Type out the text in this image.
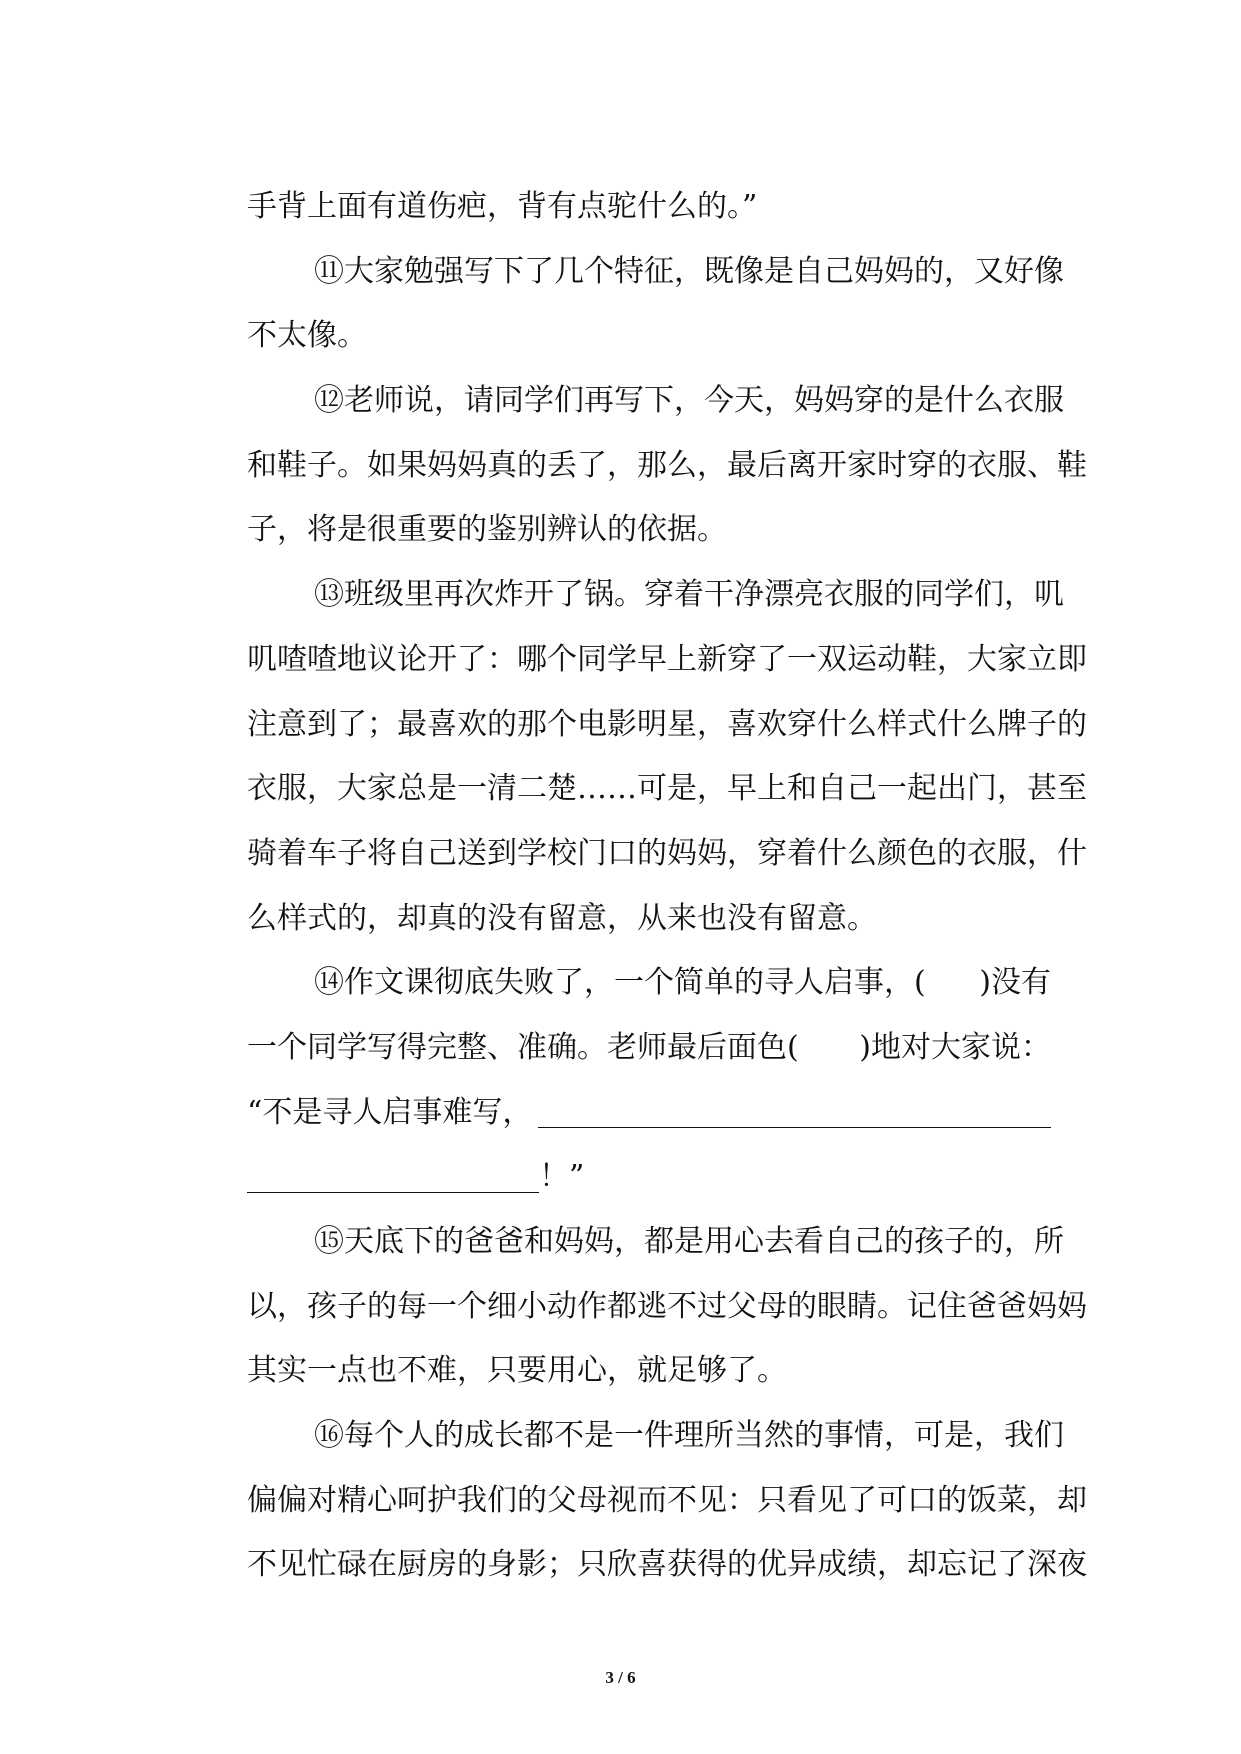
手背上面有道伤疤，背有点驼什么的。”
⑪大家勉强写下了几个特征，既像是自己妈妈的，又好像
不太像。
⑫老师说，请同学们再写下，今天，妈妈穿的是什么衣服
和鞋子。如果妈妈真的丢了，那么，最后离开家时穿的衣服、鞋
子，将是很重要的鉴别辨认的依据。
⑬班级里再次炸开了锅。穿着干净漂亮衣服的同学们，叽
叽喳喳地议论开了：哪个同学早上新穿了一双运动鞋，大家立即
注意到了；最喜欢的那个电影明星，喜欢穿什么样式什么牌子的
衣服，大家总是一清二楚……可是，早上和自己一起出门，甚至
骑着车子将自己送到学校门口的妈妈，穿着什么颜色的衣服，什
么样式的，却真的没有留意，从来也没有留意。
⑭作文课彻底失败了，一个简单的寻人启事，( )没有
一个同学写得完整、准确。老师最后面色( )地对大家说：
“不是寻人启事难写，
！”
⑮天底下的爸爸和妈妈，都是用心去看自己的孩子的，所
以，孩子的每一个细小动作都逃不过父母的眼睛。记住爸爸妈妈
其实一点也不难，只要用心，就足够了。
⑯每个人的成长都不是一件理所当然的事情，可是，我们
偏偏对精心呵护我们的父母视而不见：只看见了可口的饭菜，却
不见忙碌在厨房的身影；只欣喜获得的优异成绩，却忘记了深夜
3 / 6
